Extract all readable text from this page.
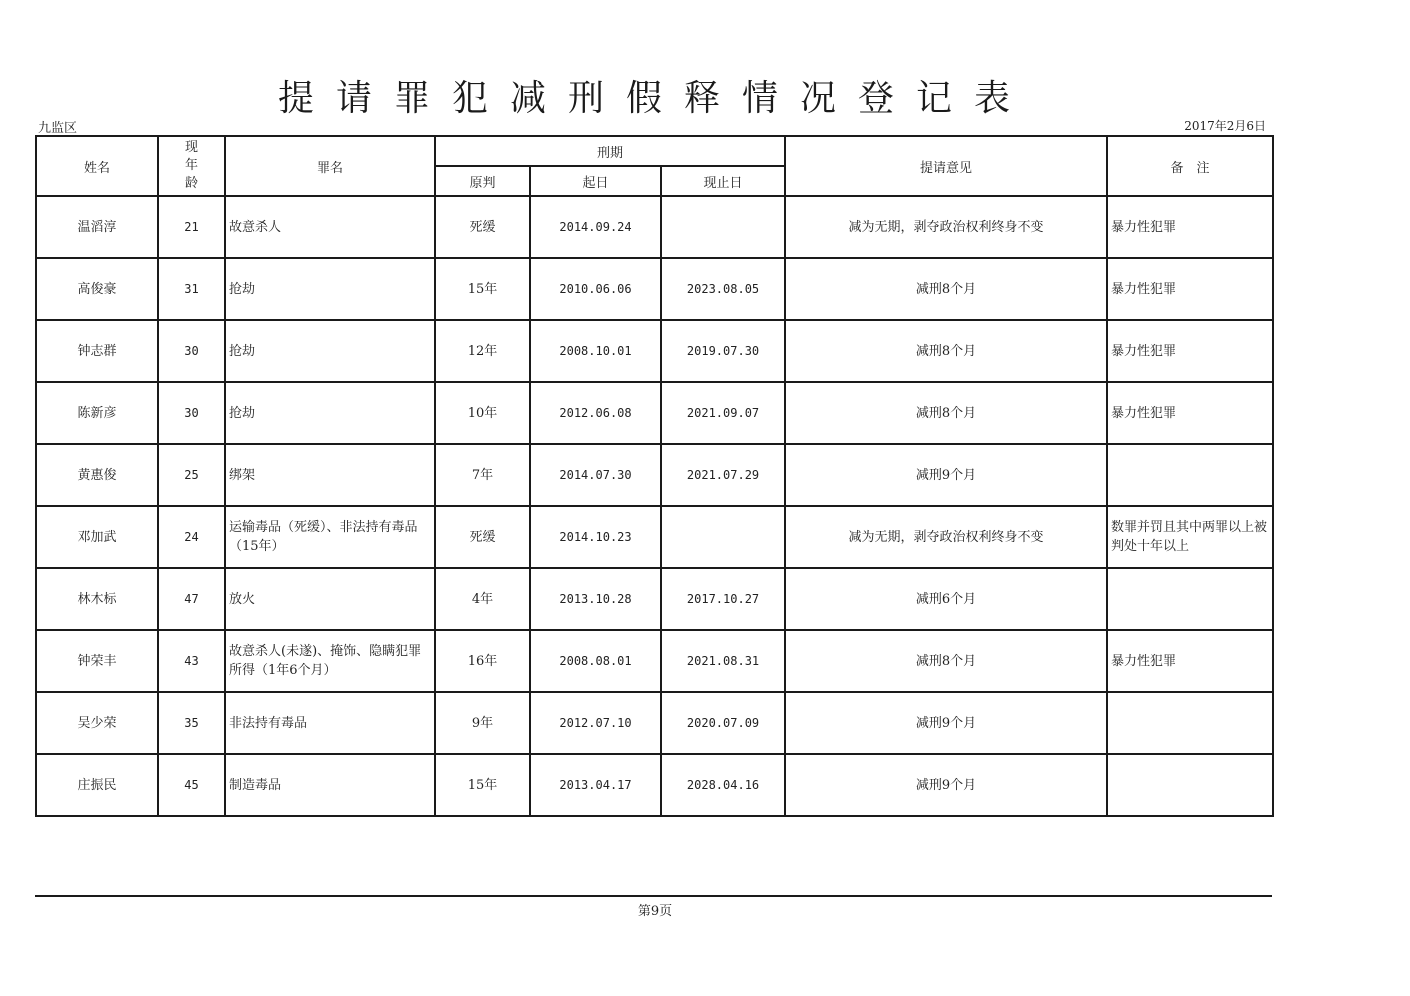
提请罪犯减刑假释情况登记表
九监区	2017年2月6日
姓名	现
年
龄	罪名	刑期			提请意见	备　注
			原判	起日	现止日		
温滔淳	21	故意杀人	死缓	2014.09.24		减为无期，剥夺政治权利终身不变	暴力性犯罪
高俊豪	31	抢劫	15年	2010.06.06	2023.08.05	减刑8个月	暴力性犯罪
钟志群	30	抢劫	12年	2008.10.01	2019.07.30	减刑8个月	暴力性犯罪
陈新彦	30	抢劫	10年	2012.06.08	2021.09.07	减刑8个月	暴力性犯罪
黄惠俊	25	绑架	7年	2014.07.30	2021.07.29	减刑9个月	
邓加武	24	运输毒品（死缓）、非法持有毒品（15年）	死缓	2014.10.23		减为无期，剥夺政治权利终身不变	数罪并罚且其中两罪以上被判处十年以上
林木标	47	放火	4年	2013.10.28	2017.10.27	减刑6个月	
钟荣丰	43	故意杀人(未遂)、掩饰、隐瞒犯罪所得（1年6个月）	16年	2008.08.01	2021.08.31	减刑8个月	暴力性犯罪
吴少荣	35	非法持有毒品	9年	2012.07.10	2020.07.09	减刑9个月	
庄振民	45	制造毒品	15年	2013.04.17	2028.04.16	减刑9个月	
第9页
